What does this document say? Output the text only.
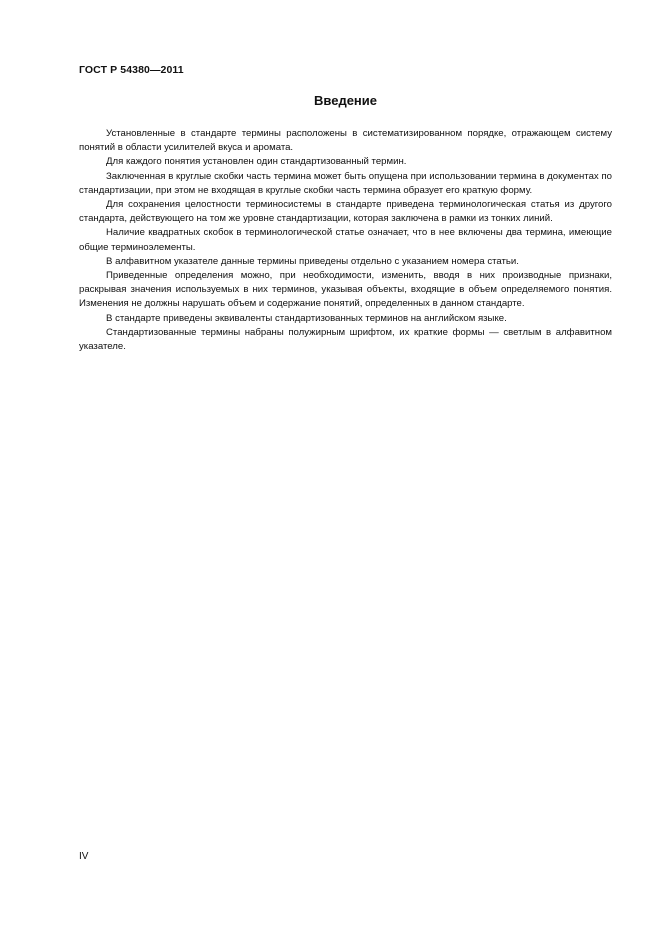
ГОСТ Р 54380—2011
Введение

Установленные в стандарте термины расположены в систематизированном порядке, отражающем систему понятий в области усилителей вкуса и аромата.

Для каждого понятия установлен один стандартизованный термин.

Заключенная в круглые скобки часть термина может быть опущена при использовании термина в документах по стандартизации, при этом не входящая в круглые скобки часть термина образует его краткую форму.

Для сохранения целостности терминосистемы в стандарте приведена терминологическая статья из другого стандарта, действующего на том же уровне стандартизации, которая заключена в рамки из тонких линий.

Наличие квадратных скобок в терминологической статье означает, что в нее включены два термина, имеющие общие терминоэлементы.

В алфавитном указателе данные термины приведены отдельно с указанием номера статьи.

Приведенные определения можно, при необходимости, изменить, вводя в них производные признаки, раскрывая значения используемых в них терминов, указывая объекты, входящие в объем определяемого понятия. Изменения не должны нарушать объем и содержание понятий, определенных в данном стандарте.

В стандарте приведены эквиваленты стандартизованных терминов на английском языке.

Стандартизованные термины набраны полужирным шрифтом, их краткие формы — светлым в алфавитном указателе.

IV
